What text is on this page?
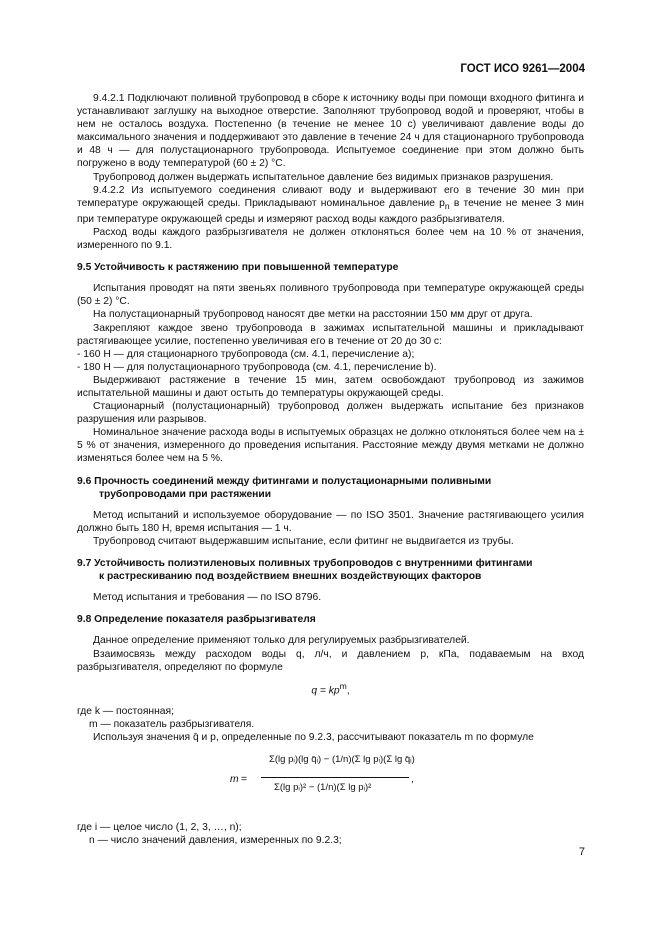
ГОСТ ИСО 9261—2004

9.4.2.1 Подключают поливной трубопровод в сборе к источнику воды при помощи входного фитинга и устанавливают заглушку на выходное отверстие. Заполняют трубопровод водой и проверяют, чтобы в нем не осталось воздуха. Постепенно (в течение не менее 10 с) увеличивают давление воды до максимального значения и поддерживают это давление в течение 24 ч для стационарного трубопровода и 48 ч — для полустационарного трубопровода. Испытуемое соединение при этом должно быть погружено в воду температурой (60 ± 2) °С.

Трубопровод должен выдержать испытательное давление без видимых признаков разрушения.

9.4.2.2 Из испытуемого соединения сливают воду и выдерживают его в течение 30 мин при температуре окружающей среды. Прикладывают номинальное давление $p_n$ в течение не менее 3 мин при температуре окружающей среды и измеряют расход воды каждого разбрызгивателя.

Расход воды каждого разбрызгивателя не должен отклоняться более чем на 10 % от значения, измеренного по 9.1.

9.5 Устойчивость к растяжению при повышенной температуре

Испытания проводят на пяти звеньях поливного трубопровода при температуре окружающей среды (50 ± 2) °С.

На полустационарный трубопровод наносят две метки на расстоянии 150 мм друг от друга.

Закрепляют каждое звено трубопровода в зажимах испытательной машины и прикладывают растягивающее усилие, постепенно увеличивая его в течение от 20 до 30 с:

- 160 Н — для стационарного трубопровода (см. 4.1, перечисление а);

- 180 Н — для полустационарного трубопровода (см. 4.1, перечисление b).

Выдерживают растяжение в течение 15 мин, затем освобождают трубопровод из зажимов испытательной машины и дают остыть до температуры окружающей среды.

Стационарный (полустационарный) трубопровод должен выдержать испытание без признаков разрушения или разрывов.

Номинальное значение расхода воды в испытуемых образцах не должно отклоняться более чем на ± 5 % от значения, измеренного до проведения испытания. Расстояние между двумя метками не должно изменяться более чем на 5 %.

9.6 Прочность соединений между фитингами и полустационарными поливными

трубопроводами при растяжении

Метод испытаний и используемое оборудование — по ISO 3501. Значение растягивающего усилия должно быть 180 Н, время испытания — 1 ч.

Трубопровод считают выдержавшим испытание, если фитинг не выдвигается из трубы.

9.7 Устойчивость полиэтиленовых поливных трубопроводов с внутренними фитингами

к растрескиванию под воздействием внешних воздействующих факторов

Метод испытания и требования — по ISO 8796.

9.8 Определение показателя разбрызгивателя

Данное определение применяют только для регулируемых разбрызгивателей.

Взаимосвязь между расходом воды q, л/ч, и давлением p, кПа, подаваемым на вход разбрызгивателя, определяют по формуле

$q = kp^m$,

где k — постоянная;

m — показатель разбрызгивателя.

Используя значения q̄ и p, определенные по 9.2.3, рассчитывают показатель m по формуле

m =
Σ(lg pᵢ)(lg q̄ᵢ) − (1/n)(Σ lg pᵢ)(Σ lg q̄ᵢ)
Σ(lg pᵢ)² − (1/n)(Σ lg pᵢ)²
,

где i — целое число (1, 2, 3, …, n);

n — число значений давления, измеренных по 9.2.3;

7
